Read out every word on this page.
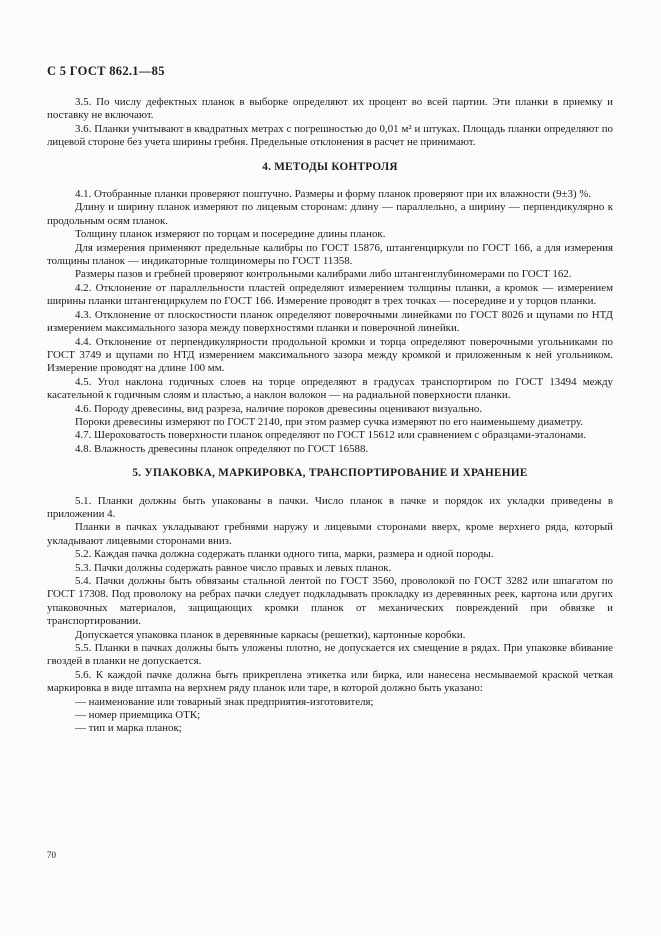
С 5 ГОСТ 862.1—85

3.5. По числу дефектных планок в выборке определяют их процент во всей партии. Эти планки в приемку и поставку не включают.

3.6. Планки учитывают в квадратных метрах с погрешностью до 0,01 м² и штуках. Площадь планки определяют по лицевой стороне без учета ширины гребня. Предельные отклонения в расчет не принимают.

4. МЕТОДЫ КОНТРОЛЯ

4.1. Отобранные планки проверяют поштучно. Размеры и форму планок проверяют при их влажности (9±3) %.

Длину и ширину планок измеряют по лицевым сторонам: длину — параллельно, а ширину — перпендикулярно к продольным осям планок.

Толщину планок измеряют по торцам и посередине длины планок.

Для измерения применяют предельные калибры по ГОСТ 15876, штангенциркули по ГОСТ 166, а для измерения толщины планок — индикаторные толщиномеры по ГОСТ 11358.

Размеры пазов и гребней проверяют контрольными калибрами либо штангенглубиномерами по ГОСТ 162.

4.2. Отклонение от параллельности пластей определяют измерением толщины планки, а кромок — измерением ширины планки штангенциркулем по ГОСТ 166. Измерение проводят в трех точках — посередине и у торцов планки.

4.3. Отклонение от плоскостности планок определяют поверочными линейками по ГОСТ 8026 и щупами по НТД измерением максимального зазора между поверхностями планки и поверочной линейки.

4.4. Отклонение от перпендикулярности продольной кромки и торца определяют поверочными угольниками по ГОСТ 3749 и щупами по НТД измерением максимального зазора между кромкой и приложенным к ней угольником. Измерение проводят на длине 100 мм.

4.5. Угол наклона годичных слоев на торце определяют в градусах транспортиром по ГОСТ 13494 между касательной к годичным слоям и пластью, а наклон волокон — на радиальной поверхности планки.

4.6. Породу древесины, вид разреза, наличие пороков древесины оценивают визуально.

Пороки древесины измеряют по ГОСТ 2140, при этом размер сучка измеряют по его наименьшему диаметру.

4.7. Шероховатость поверхности планок определяют по ГОСТ 15612 или сравнением с образцами-эталонами.

4.8. Влажность древесины планок определяют по ГОСТ 16588.

5. УПАКОВКА, МАРКИРОВКА, ТРАНСПОРТИРОВАНИЕ И ХРАНЕНИЕ

5.1. Планки должны быть упакованы в пачки. Число планок в пачке и порядок их укладки приведены в приложении 4.

Планки в пачках укладывают гребнями наружу и лицевыми сторонами вверх, кроме верхнего ряда, который укладывают лицевыми сторонами вниз.

5.2. Каждая пачка должна содержать планки одного типа, марки, размера и одной породы.

5.3. Пачки должны содержать равное число правых и левых планок.

5.4. Пачки должны быть обвязаны стальной лентой по ГОСТ 3560, проволокой по ГОСТ 3282 или шпагатом по ГОСТ 17308. Под проволоку на ребрах пачки следует подкладывать прокладку из деревянных реек, картона или других упаковочных материалов, защищающих кромки планок от механических повреждений при обвязке и транспортировании.

Допускается упаковка планок в деревянные каркасы (решетки), картонные коробки.

5.5. Планки в пачках должны быть уложены плотно, не допускается их смещение в рядах. При упаковке вбивание гвоздей в планки не допускается.

5.6. К каждой пачке должна быть прикреплена этикетка или бирка, или нанесена несмываемой краской четкая маркировка в виде штампа на верхнем ряду планок или таре, в которой должно быть указано:

— наименование или товарный знак предприятия-изготовителя;

— номер приемщика ОТК;

— тип и марка планок;

70
